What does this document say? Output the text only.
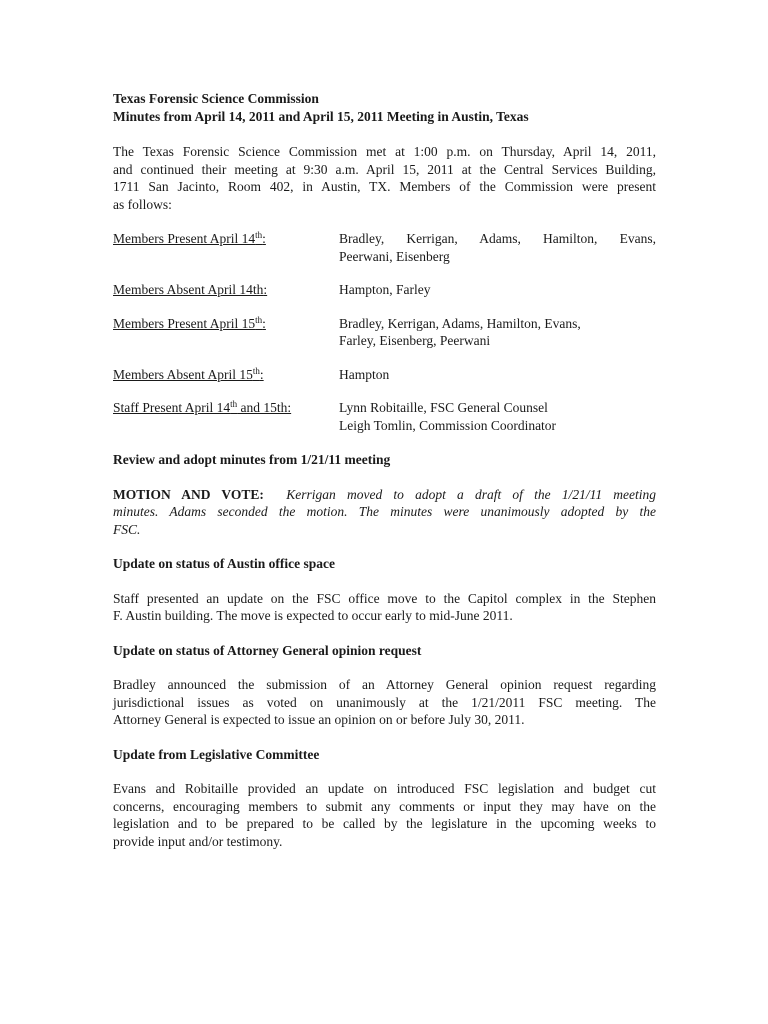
Texas Forensic Science Commission

Minutes from April 14, 2011 and April 15, 2011 Meeting in Austin, Texas

The Texas Forensic Science Commission met at 1:00 p.m. on Thursday, April 14, 2011,

and continued their meeting at 9:30 a.m. April 15, 2011 at the Central Services Building,

1711 San Jacinto, Room 402, in Austin, TX. Members of the Commission were present

as follows:

Members Present April 14th:	Bradley, Kerrigan, Adams, Hamilton, Evans,

Peerwani, Eisenberg

Members Absent April 14th:	Hampton, Farley

Members Present April 15th:	Bradley, Kerrigan, Adams, Hamilton, Evans,

Farley, Eisenberg, Peerwani

Members Absent April 15th:	Hampton

Staff Present April 14th and 15th:	Lynn Robitaille, FSC General Counsel

Leigh Tomlin, Commission Coordinator

Review and adopt minutes from 1/21/11 meeting

MOTION AND VOTE: Kerrigan moved to adopt a draft of the 1/21/11 meeting

minutes. Adams seconded the motion. The minutes were unanimously adopted by the

FSC.

Update on status of Austin office space

Staff presented an update on the FSC office move to the Capitol complex in the Stephen

F. Austin building. The move is expected to occur early to mid-June 2011.

Update on status of Attorney General opinion request

Bradley announced the submission of an Attorney General opinion request regarding

jurisdictional issues as voted on unanimously at the 1/21/2011 FSC meeting. The

Attorney General is expected to issue an opinion on or before July 30, 2011.

Update from Legislative Committee

Evans and Robitaille provided an update on introduced FSC legislation and budget cut

concerns, encouraging members to submit any comments or input they may have on the

legislation and to be prepared to be called by the legislature in the upcoming weeks to

provide input and/or testimony.
